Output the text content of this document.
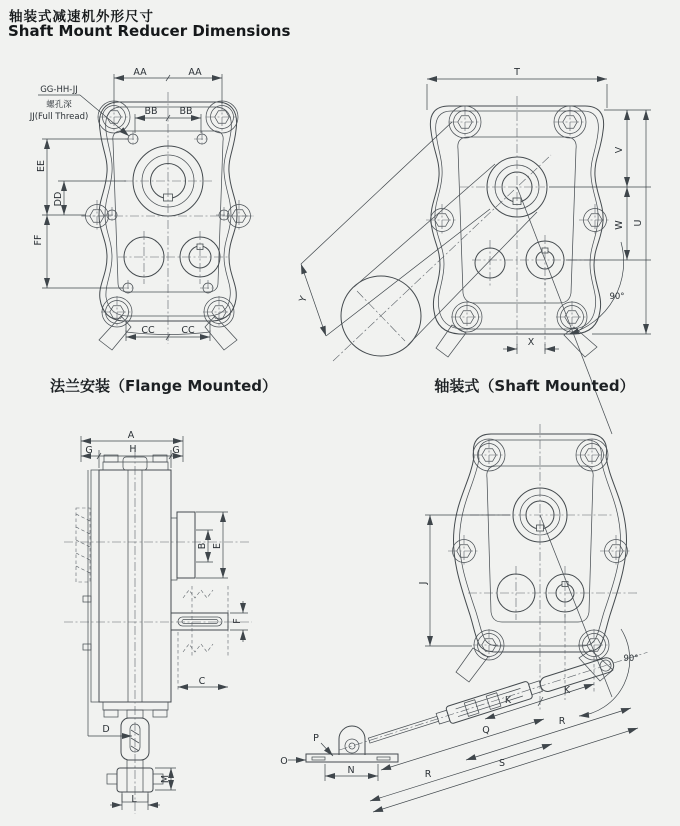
轴装式减速机外形尺寸
Shaft Mount Reducer Dimensions
AA	AA
BB BB
EE
DD
FF
CC	CC
GG-HH-JJ
螺孔深
JJ(Full Thread)
Y
T
V
W U
X
90°
A
G	H	G
B E
F
C
D
M
L
J
K
K
Q
R
R
S
N
O
P
90°
法兰安装（Flange Mounted）	轴装式（Shaft Mounted）
